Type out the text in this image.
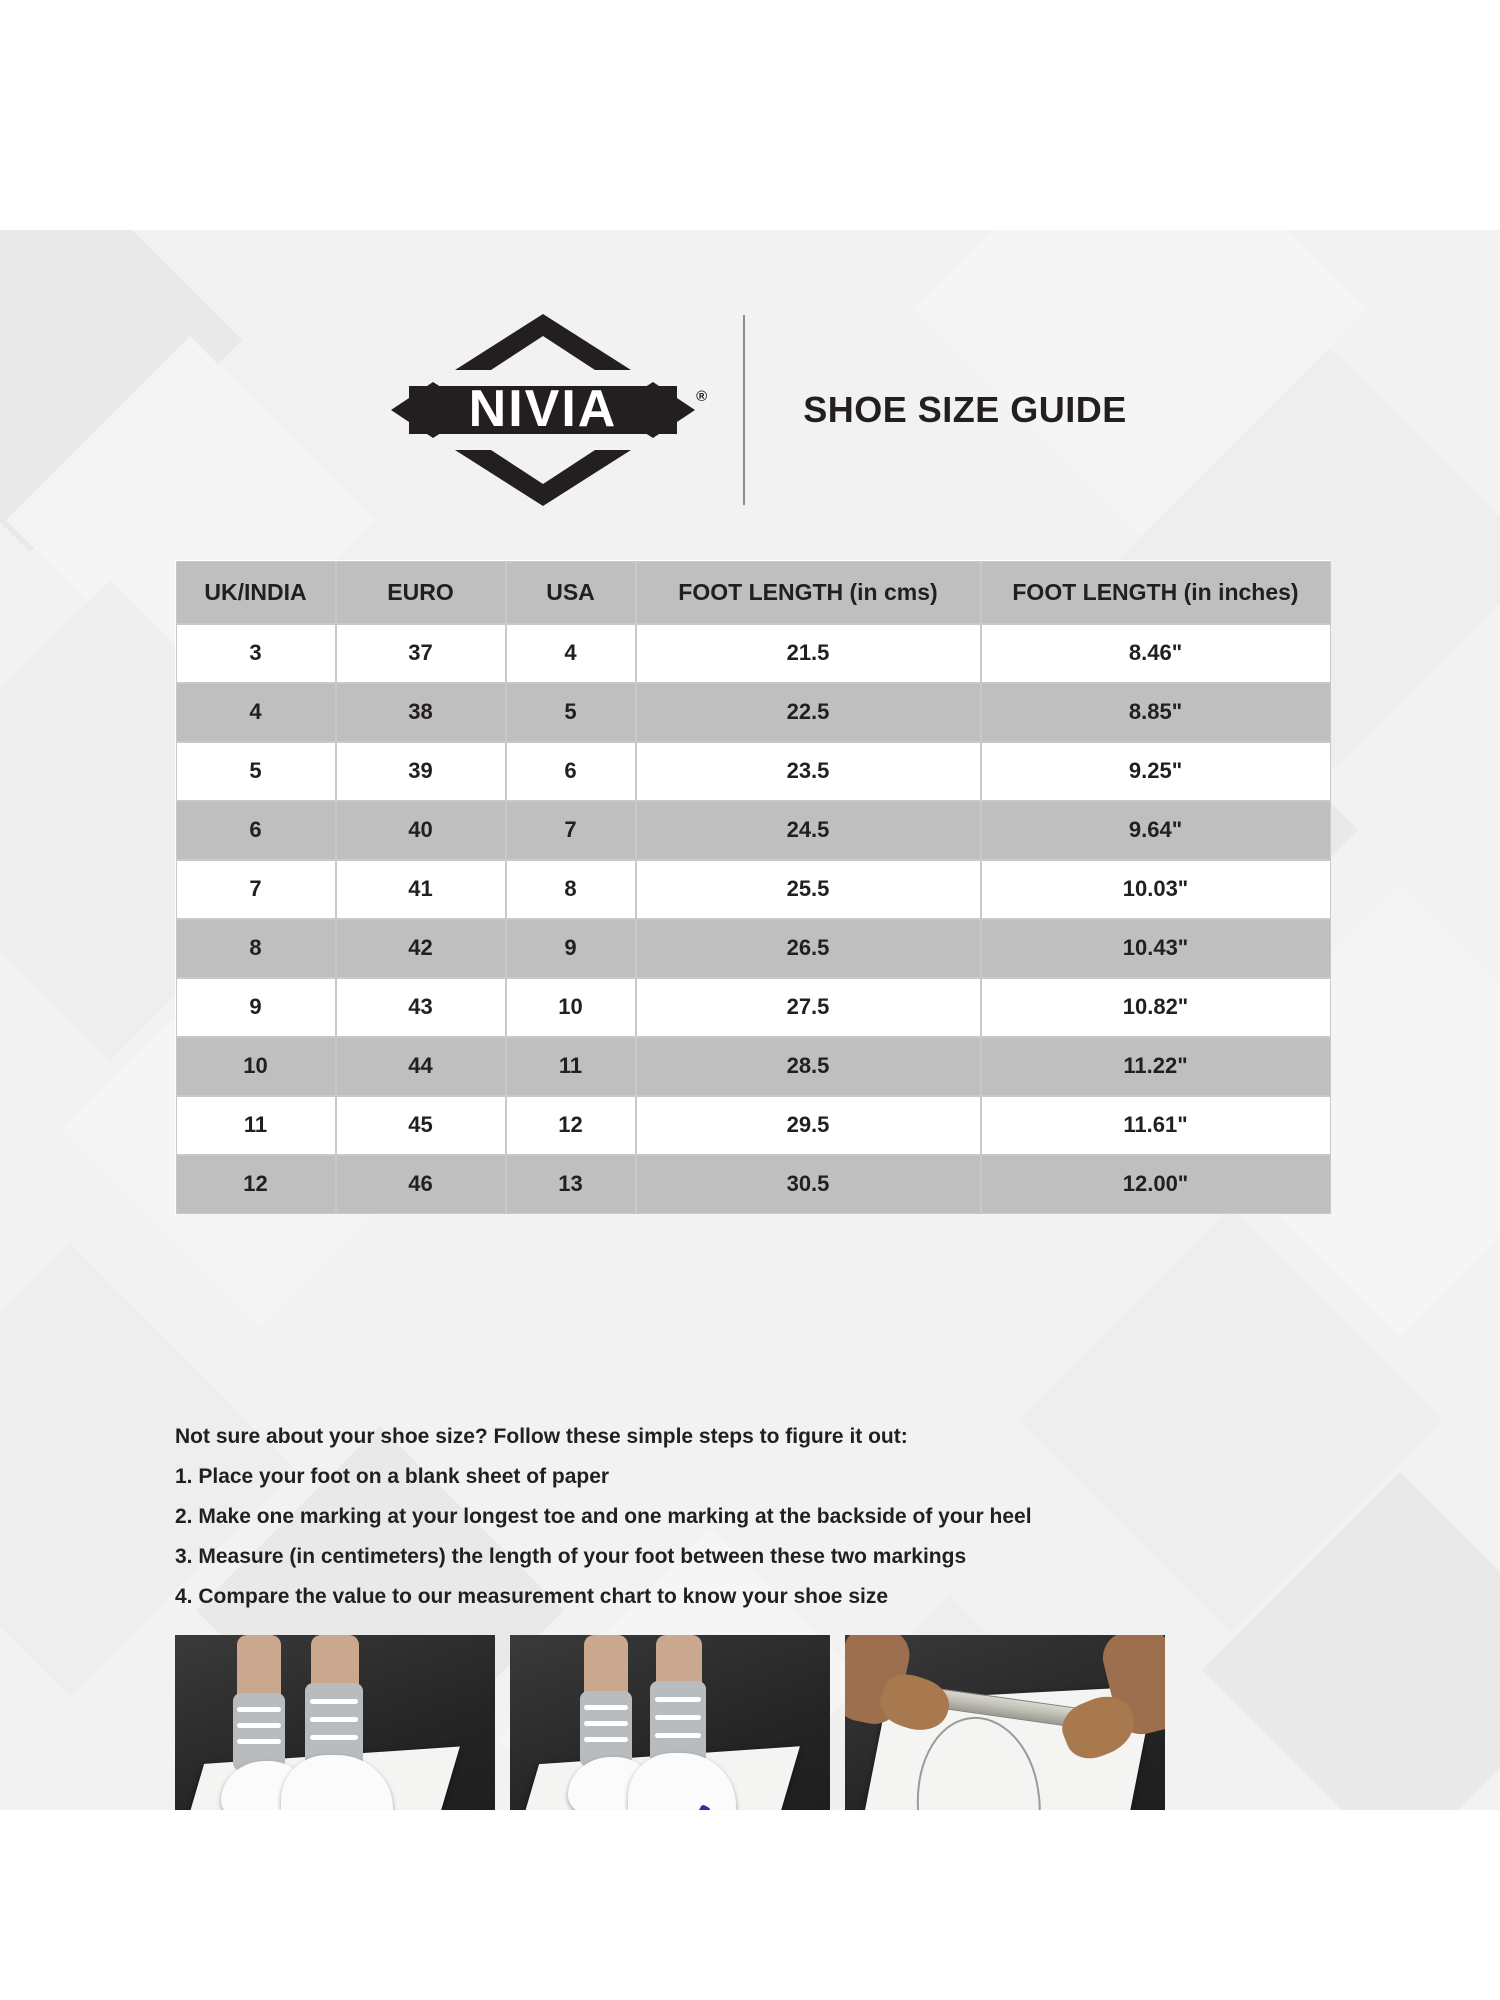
NIVIA	®	SHOE SIZE GUIDE
UK/INDIA	EURO	USA	FOOT LENGTH (in cms)	FOOT LENGTH (in inches)
3	37	4	21.5	8.46"
4	38	5	22.5	8.85"
5	39	6	23.5	9.25"
6	40	7	24.5	9.64"
7	41	8	25.5	10.03"
8	42	9	26.5	10.43"
9	43	10	27.5	10.82"
10	44	11	28.5	11.22"
11	45	12	29.5	11.61"
12	46	13	30.5	12.00"
Not sure about your shoe size? Follow these simple steps to figure it out:
1. Place your foot on a blank sheet of paper
2. Make one marking at your longest toe and one marking at the backside of your heel
3. Measure (in centimeters) the length of your foot between these two markings
4. Compare the value to our measurement chart to know your shoe size
